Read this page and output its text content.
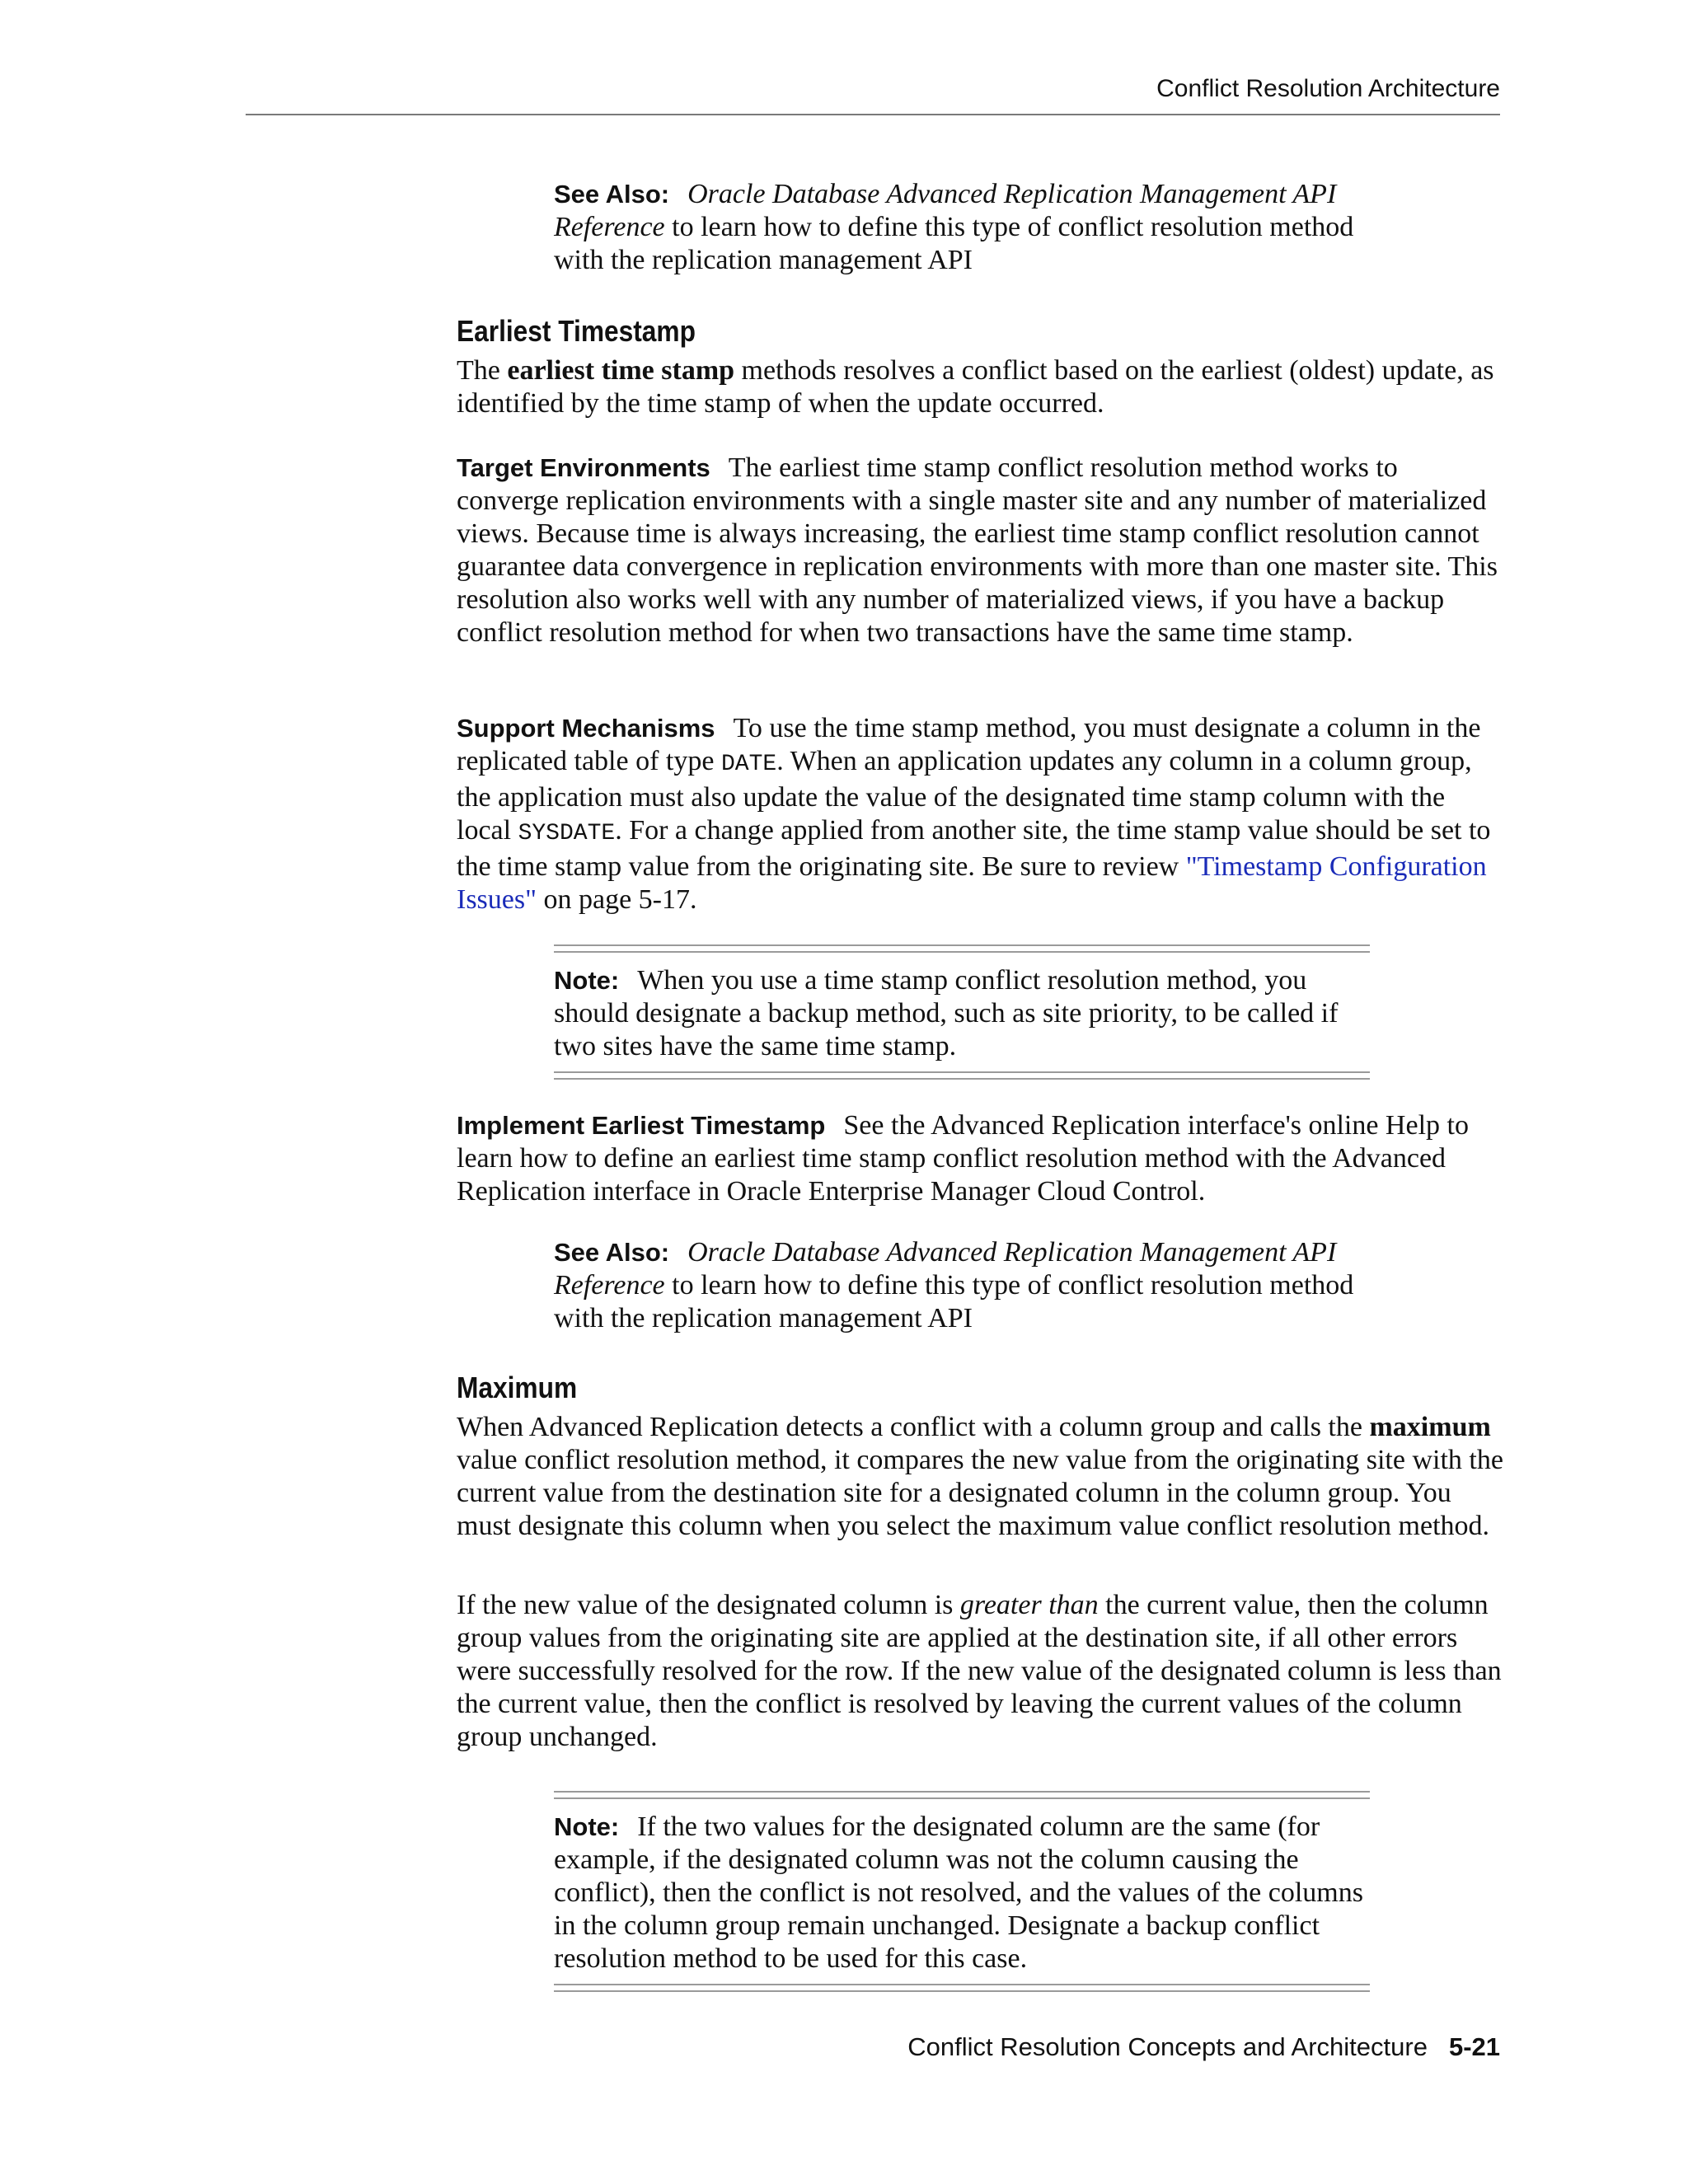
Conflict Resolution Architecture

See Also: Oracle Database Advanced Replication Management API Reference to learn how to define this type of conflict resolution method with the replication management API

Earliest Timestamp

The earliest time stamp methods resolves a conflict based on the earliest (oldest) update, as identified by the time stamp of when the update occurred.

Target Environments The earliest time stamp conflict resolution method works to converge replication environments with a single master site and any number of materialized views. Because time is always increasing, the earliest time stamp conflict resolution cannot guarantee data convergence in replication environments with more than one master site. This resolution also works well with any number of materialized views, if you have a backup conflict resolution method for when two transactions have the same time stamp.

Support Mechanisms To use the time stamp method, you must designate a column in the replicated table of type DATE. When an application updates any column in a column group, the application must also update the value of the designated time stamp column with the local SYSDATE. For a change applied from another site, the time stamp value should be set to the time stamp value from the originating site. Be sure to review "Timestamp Configuration Issues" on page 5-17.

Note: When you use a time stamp conflict resolution method, you should designate a backup method, such as site priority, to be called if two sites have the same time stamp.

Implement Earliest Timestamp See the Advanced Replication interface's online Help to learn how to define an earliest time stamp conflict resolution method with the Advanced Replication interface in Oracle Enterprise Manager Cloud Control.

See Also: Oracle Database Advanced Replication Management API Reference to learn how to define this type of conflict resolution method with the replication management API

Maximum

When Advanced Replication detects a conflict with a column group and calls the maximum value conflict resolution method, it compares the new value from the originating site with the current value from the destination site for a designated column in the column group. You must designate this column when you select the maximum value conflict resolution method.

If the new value of the designated column is greater than the current value, then the column group values from the originating site are applied at the destination site, if all other errors were successfully resolved for the row. If the new value of the designated column is less than the current value, then the conflict is resolved by leaving the current values of the column group unchanged.

Note: If the two values for the designated column are the same (for example, if the designated column was not the column causing the conflict), then the conflict is not resolved, and the values of the columns in the column group remain unchanged. Designate a backup conflict resolution method to be used for this case.

Conflict Resolution Concepts and Architecture 5-21
